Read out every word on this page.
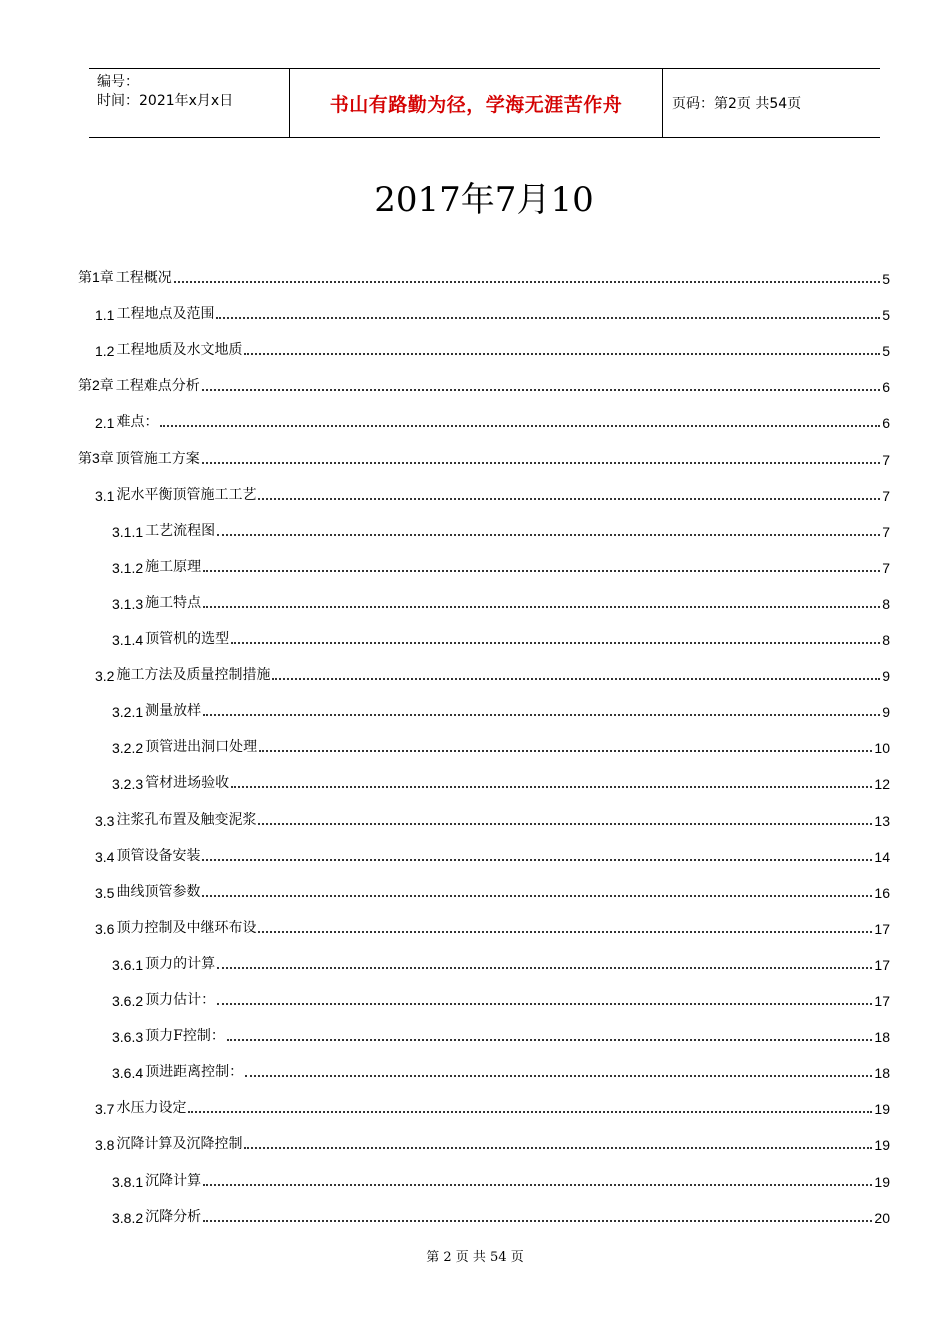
编号：
时间：2021年x月x日	书山有路勤为径，学海无涯苦作舟	页码：第2页 共54页
2017年7月10
第1章 工程概况	5
1.1 工程地点及范围	5
1.2 工程地质及水文地质	5
第2章 工程难点分析	6
2.1 难点：	6
第3章 顶管施工方案	7
3.1 泥水平衡顶管施工工艺	7
3.1.1 工艺流程图	7
3.1.2 施工原理	7
3.1.3 施工特点	8
3.1.4 顶管机的选型	8
3.2 施工方法及质量控制措施	9
3.2.1 测量放样	9
3.2.2 顶管进出洞口处理	10
3.2.3 管材进场验收	12
3.3 注浆孔布置及触变泥浆	13
3.4 顶管设备安装	14
3.5 曲线顶管参数	16
3.6 顶力控制及中继环布设	17
3.6.1 顶力的计算	17
3.6.2 顶力估计：	17
3.6.3 顶力F控制：	18
3.6.4 顶进距离控制：	18
3.7 水压力设定	19
3.8 沉降计算及沉降控制	19
3.8.1 沉降计算	19
3.8.2 沉降分析	20
第 2 页 共 54 页
